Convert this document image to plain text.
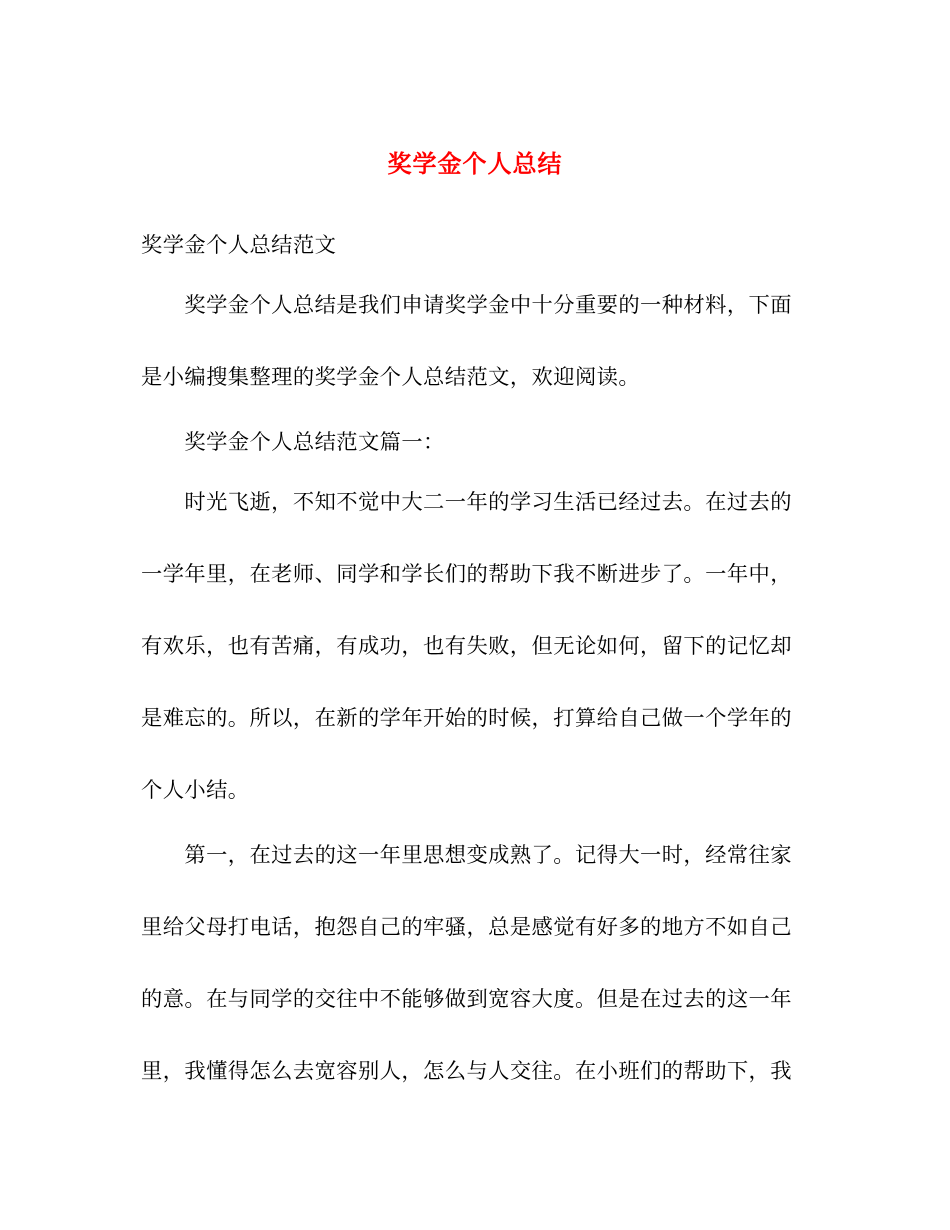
奖学金个人总结
奖学金个人总结范文
　　奖学金个人总结是我们申请奖学金中十分重要的一种材料，下面
是小编搜集整理的奖学金个人总结范文，欢迎阅读。
　　奖学金个人总结范文篇一：
　　时光飞逝，不知不觉中大二一年的学习生活已经过去。在过去的
一学年里，在老师、同学和学长们的帮助下我不断进步了。一年中，
有欢乐，也有苦痛，有成功，也有失败，但无论如何，留下的记忆却
是难忘的。所以，在新的学年开始的时候，打算给自己做一个学年的
个人小结。
　　第一，在过去的这一年里思想变成熟了。记得大一时，经常往家
里给父母打电话，抱怨自己的牢骚，总是感觉有好多的地方不如自己
的意。在与同学的交往中不能够做到宽容大度。但是在过去的这一年
里，我懂得怎么去宽容别人，怎么与人交往。在小班们的帮助下，我
